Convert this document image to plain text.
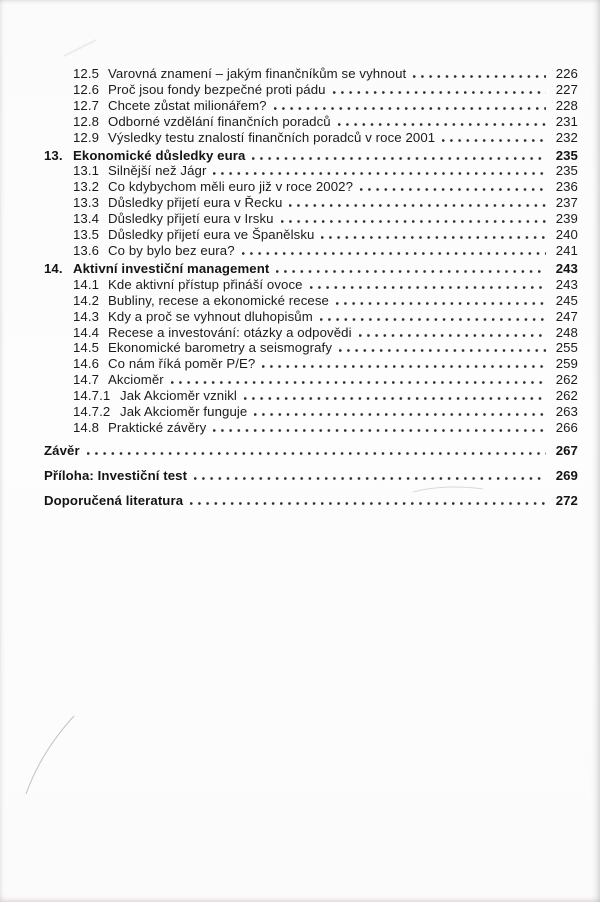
12.5 Varovná znamení – jakým finančníkům se vyhnout	226
12.6 Proč jsou fondy bezpečné proti pádu	227
12.7 Chcete zůstat milionářem?	228
12.8 Odborné vzdělání finančních poradců	231
12.9 Výsledky testu znalostí finančních poradců v roce 2001	232
13. Ekonomické důsledky eura	235
13.1 Silnější než Jágr	235
13.2 Co kdybychom měli euro již v roce 2002?	236
13.3 Důsledky přijetí eura v Řecku	237
13.4 Důsledky přijetí eura v Irsku	239
13.5 Důsledky přijetí eura ve Španělsku	240
13.6 Co by bylo bez eura?	241
14. Aktivní investiční management	243
14.1 Kde aktivní přístup přináší ovoce	243
14.2 Bubliny, recese a ekonomické recese	245
14.3 Kdy a proč se vyhnout dluhopisům	247
14.4 Recese a investování: otázky a odpovědi	248
14.5 Ekonomické barometry a seismografy	255
14.6 Co nám říká poměr P/E?	259
14.7 Akcioměr	262
14.7.1 Jak Akcioměr vznikl	262
14.7.2 Jak Akcioměr funguje	263
14.8 Praktické závěry	266
Závěr	267
Příloha: Investiční test	269
Doporučená literatura	272
